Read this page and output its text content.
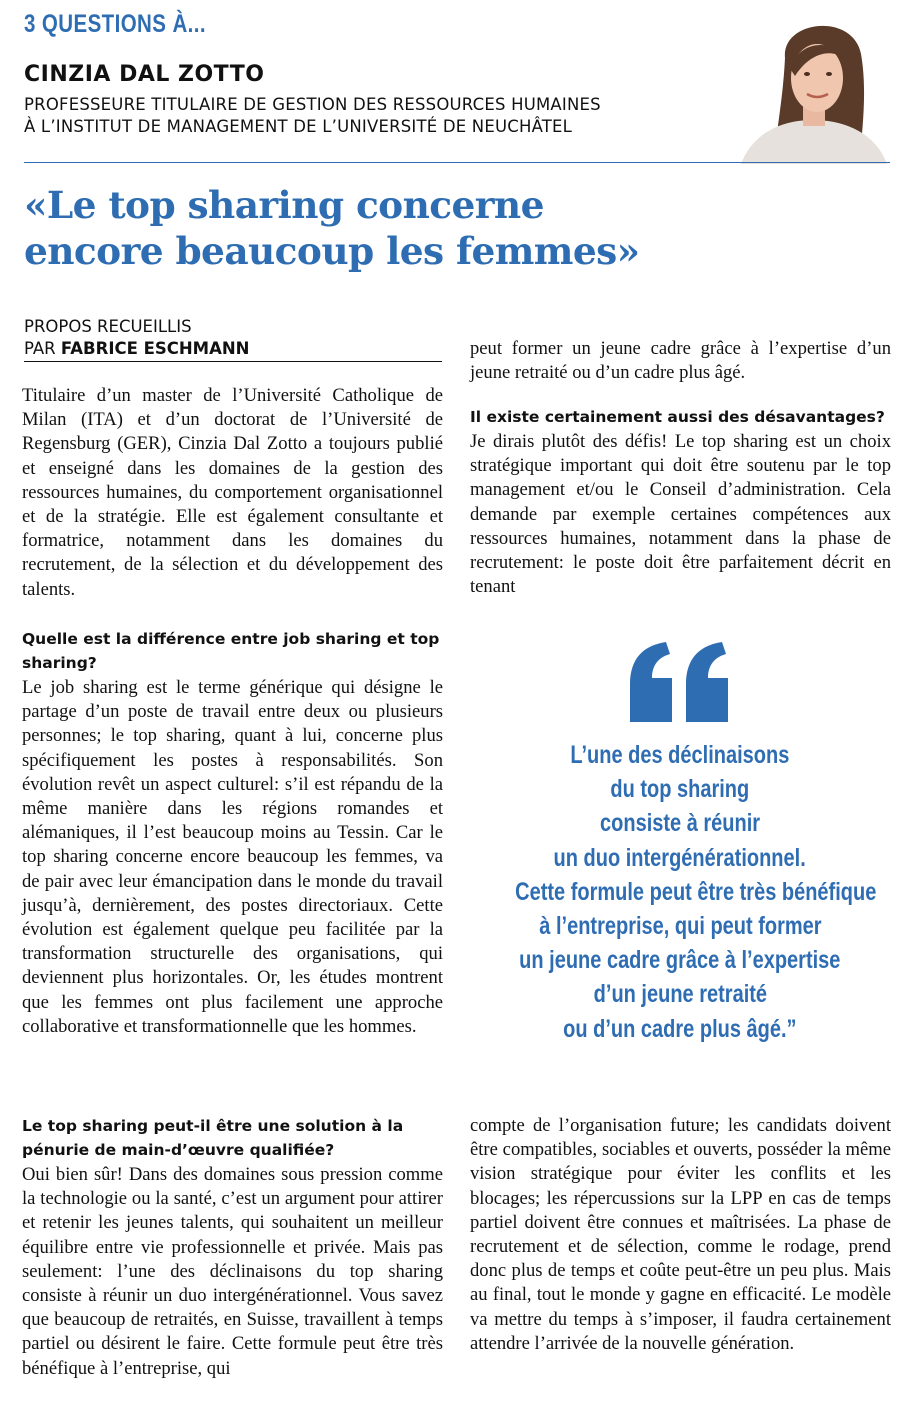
3 QUESTIONS À...
CINZIA DAL ZOTTO
PROFESSEURE TITULAIRE DE GESTION DES RESSOURCES HUMAINES
À L’INSTITUT DE MANAGEMENT DE L’UNIVERSITÉ DE NEUCHÂTEL
«Le top sharing concerne
encore beaucoup les femmes»
PROPOS RECUEILLIS
PAR FABRICE ESCHMANN

Titulaire d’un master de l’Université Catholique de Milan (ITA) et d’un doctorat de l’Université de Regensburg (GER), Cinzia Dal Zotto a toujours publié et enseigné dans les domaines de la gestion des ressources humaines, du comportement organisationnel et de la stratégie. Elle est également consultante et formatrice, notamment dans les domaines du recrutement, de la sélection et du développement des talents.

Quelle est la différence entre job sharing et top sharing?

Le job sharing est le terme générique qui désigne le partage d’un poste de travail entre deux ou plusieurs personnes; le top sharing, quant à lui, concerne plus spécifiquement les postes à responsabilités. Son évolution revêt un aspect culturel: s’il est répandu de la même manière dans les régions romandes et alémaniques, il l’est beaucoup moins au Tessin. Car le top sharing concerne encore beaucoup les femmes, va de pair avec leur émancipation dans le monde du travail jusqu’à, dernièrement, des postes directoriaux. Cette évolution est également quelque peu facilitée par la transformation structurelle des organisations, qui deviennent plus horizontales. Or, les études montrent que les femmes ont plus facilement une approche collaborative et transformationnelle que les hommes.

Le top sharing peut-il être une solution à la pénurie de main-d’œuvre qualifiée?

Oui bien sûr! Dans des domaines sous pression comme la technologie ou la santé, c’est un argument pour attirer et retenir les jeunes talents, qui souhaitent un meilleur équilibre entre vie professionnelle et privée. Mais pas seulement: l’une des déclinaisons du top sharing consiste à réunir un duo intergénérationnel. Vous savez que beaucoup de retraités, en Suisse, travaillent à temps partiel ou désirent le faire. Cette formule peut être très bénéfique à l’entreprise, qui

peut former un jeune cadre grâce à l’expertise d’un jeune retraité ou d’un cadre plus âgé.

Il existe certainement aussi des désavantages?

Je dirais plutôt des défis! Le top sharing est un choix stratégique important qui doit être soutenu par le top management et/ou le Conseil d’administration. Cela demande par exemple certaines compétences aux ressources humaines, notamment dans la phase de recrutement: le poste doit être parfaitement décrit en tenant

L’une des déclinaisons
du top sharing
consiste à réunir
un duo intergénérationnel.
Cette formule peut être très bénéfique
à l’entreprise, qui peut former
un jeune cadre grâce à l’expertise
d’un jeune retraité
ou d’un cadre plus âgé.”

compte de l’organisation future; les candidats doivent être compatibles, sociables et ouverts, posséder la même vision stratégique pour éviter les conflits et les blocages; les répercussions sur la LPP en cas de temps partiel doivent être connues et maîtrisées. La phase de recrutement et de sélection, comme le rodage, prend donc plus de temps et coûte peut-être un peu plus. Mais au final, tout le monde y gagne en efficacité. Le modèle va mettre du temps à s’imposer, il faudra certainement attendre l’arrivée de la nouvelle génération.
